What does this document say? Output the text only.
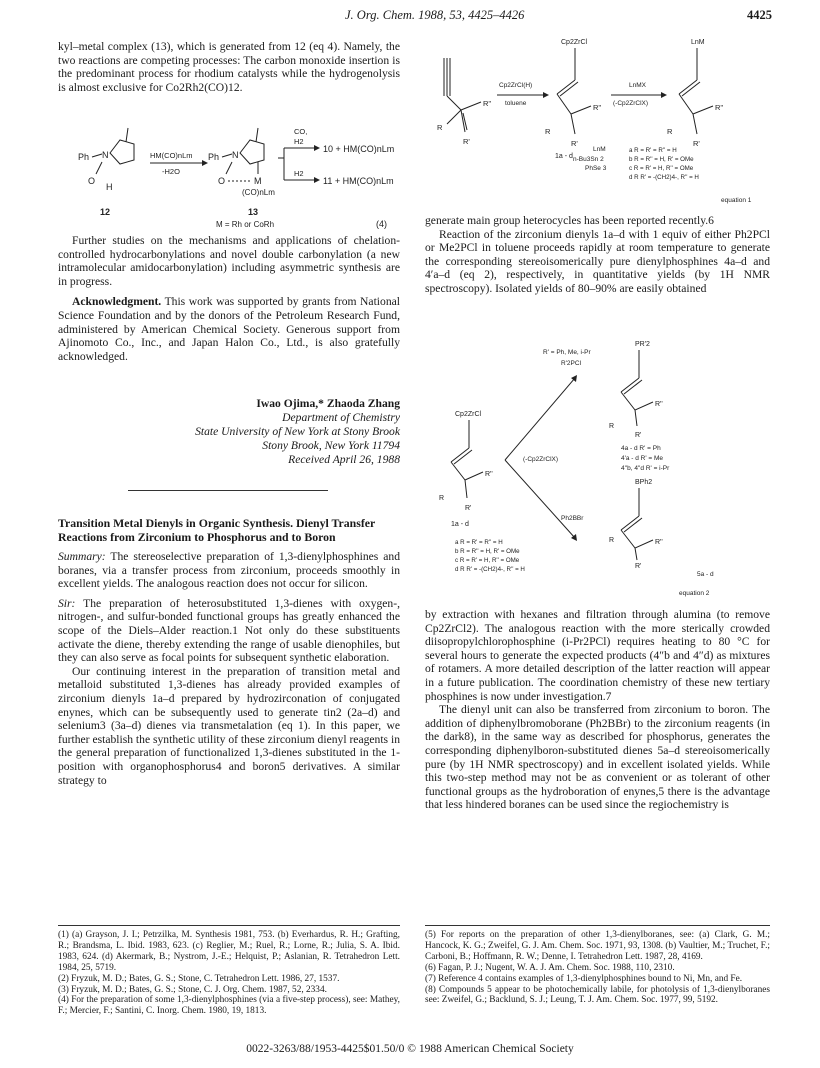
J. Org. Chem. 1988, 53, 4425–4426	4425

kyl–metal complex (13), which is generated from 12 (eq 4). Namely, the two reactions are competing processes: The carbon monoxide insertion is the predominant process for rhodium catalysts while the hydrogenolysis is almost exclusive for Co2Rh2(CO)12.

Ph N
O
H
12
HM(CO)nLm
-H2O
Ph N
O	M
(CO)nLm
13
CO,
H2
H2
10 + HM(CO)nLm
11 + HM(CO)nLm
M = Rh or CoRh	(4)

Further studies on the mechanisms and applications of chelation-controlled hydrocarbonylations and novel double carbonylation (a new intramolecular amidocarbonylation) including asymmetric synthesis are in progress.

Acknowledgment. This work was supported by grants from National Science Foundation and by the donors of the Petroleum Research Fund, administered by American Chemical Society. Generous support from Ajinomoto Co., Inc., and Japan Halon Co., Ltd., is also gratefully acknowledged.

Iwao Ojima,* Zhaoda Zhang
Department of Chemistry
State University of New York at Stony Brook
Stony Brook, New York 11794
Received April 26, 1988

Transition Metal Dienyls in Organic Synthesis. Dienyl Transfer Reactions from Zirconium to Phosphorus and to Boron

Summary: The stereoselective preparation of 1,3-dienylphosphines and boranes, via a transfer process from zirconium, proceeds smoothly in excellent yields. The analogous reaction does not occur for silicon.

Sir: The preparation of heterosubstituted 1,3-dienes with oxygen-, nitrogen-, and sulfur-bonded functional groups has greatly enhanced the scope of the Diels–Alder reaction.1 Not only do these substituents activate the diene, thereby extending the range of usable dienophiles, but they can also serve as focal points for subsequent synthetic elaboration.

Our continuing interest in the preparation of transition metal and metalloid substituted 1,3-dienes has already provided examples of zirconium dienyls 1a–d prepared by hydrozirconation of conjugated enynes, which can be subsequently used to generate tin2 (2a–d) and selenium3 (3a–d) dienes via transmetalation (eq 1). In this paper, we further establish the synthetic utility of these zirconium dienyl reagents in the general preparation of functionalized 1,3-dienes substituted in the 1-position with organophosphorus4 and boron5 derivatives. A similar strategy to

R''
R
R'
Cp2ZrCl(H)
toluene
Cp2ZrCl
R''
R
R'
1a - d
LnMX
(-Cp2ZrClX)
LnM
R''
R
R'
LnM
n-Bu3Sn 2
PhSe 3
a R = R' = R'' = H
b R = R'' = H, R' = OMe
c R = R' = H, R'' = OMe
d R R' = -(CH2)4-, R'' = H
equation 1

generate main group heterocycles has been reported recently.6

Reaction of the zirconium dienyls 1a–d with 1 equiv of either Ph2PCl or Me2PCl in toluene proceeds rapidly at room temperature to generate the corresponding stereoisomerically pure dienylphosphines 4a–d and 4′a–d (eq 2), respectively, in quantitative yields (by 1H NMR spectroscopy). Isolated yields of 80–90% are easily obtained

Cp2ZrCl
R''
R
R'
1a - d
R' = Ph, Me, i-Pr
R'2PCl
(-Cp2ZrClX)
Ph2BBr
PR'2
R''
R
R'
4a - d R' = Ph
4'a - d R' = Me
4''b, 4''d R' = i-Pr
BPh2
R''
R
R'
5a - d
a R = R' = R'' = H
b R = R'' = H, R' = OMe
c R = R' = H, R'' = OMe
d R R' = -(CH2)4-, R'' = H
equation 2

by extraction with hexanes and filtration through alumina (to remove Cp2ZrCl2). The analogous reaction with the more sterically crowded diisopropylchlorophosphine (i-Pr2PCl) requires heating to 80 °C for several hours to generate the expected products (4″b and 4″d) as mixtures of rotamers. A more detailed description of the latter reaction will appear in a future publication. The coordination chemistry of these new tertiary phosphines is now under investigation.7

The dienyl unit can also be transferred from zirconium to boron. The addition of diphenylbromoborane (Ph2BBr) to the zirconium reagents (in the dark8), in the same way as described for phosphorus, generates the corresponding diphenylboron-substituted dienes 5a–d stereoisomerically pure (by 1H NMR spectroscopy) and in excellent isolated yields. While this two-step method may not be as convenient or as tolerant of other functional groups as the hydroboration of enynes,5 there is the advantage that less hindered boranes can be used since the regiochemistry is

(1) (a) Grayson, J. I.; Petrzilka, M. Synthesis 1981, 753. (b) Everhardus, R. H.; Grafting, R.; Brandsma, L. Ibid. 1983, 623. (c) Reglier, M.; Ruel, R.; Lorne, R.; Julia, S. A. Ibid. 1983, 624. (d) Akermark, B.; Nystrom, J.-E.; Helquist, P.; Aslanian, R. Tetrahedron Lett. 1984, 25, 5719.

(2) Fryzuk, M. D.; Bates, G. S.; Stone, C. Tetrahedron Lett. 1986, 27, 1537.

(3) Fryzuk, M. D.; Bates, G. S.; Stone, C. J. Org. Chem. 1987, 52, 2334.

(4) For the preparation of some 1,3-dienylphosphines (via a five-step process), see: Mathey, F.; Mercier, F.; Santini, C. Inorg. Chem. 1980, 19, 1813.

(5) For reports on the preparation of other 1,3-dienylboranes, see: (a) Clark, G. M.; Hancock, K. G.; Zweifel, G. J. Am. Chem. Soc. 1971, 93, 1308. (b) Vaultier, M.; Truchet, F.; Carboni, B.; Hoffmann, R. W.; Denne, I. Tetrahedron Lett. 1987, 28, 4169.

(6) Fagan, P. J.; Nugent, W. A. J. Am. Chem. Soc. 1988, 110, 2310.

(7) Reference 4 contains examples of 1,3-dienylphosphines bound to Ni, Mn, and Fe.

(8) Compounds 5 appear to be photochemically labile, for photolysis of 1,3-dienylboranes see: Zweifel, G.; Backlund, S. J.; Leung, T. J. Am. Chem. Soc. 1977, 99, 5192.

0022-3263/88/1953-4425$01.50/0 © 1988 American Chemical Society
